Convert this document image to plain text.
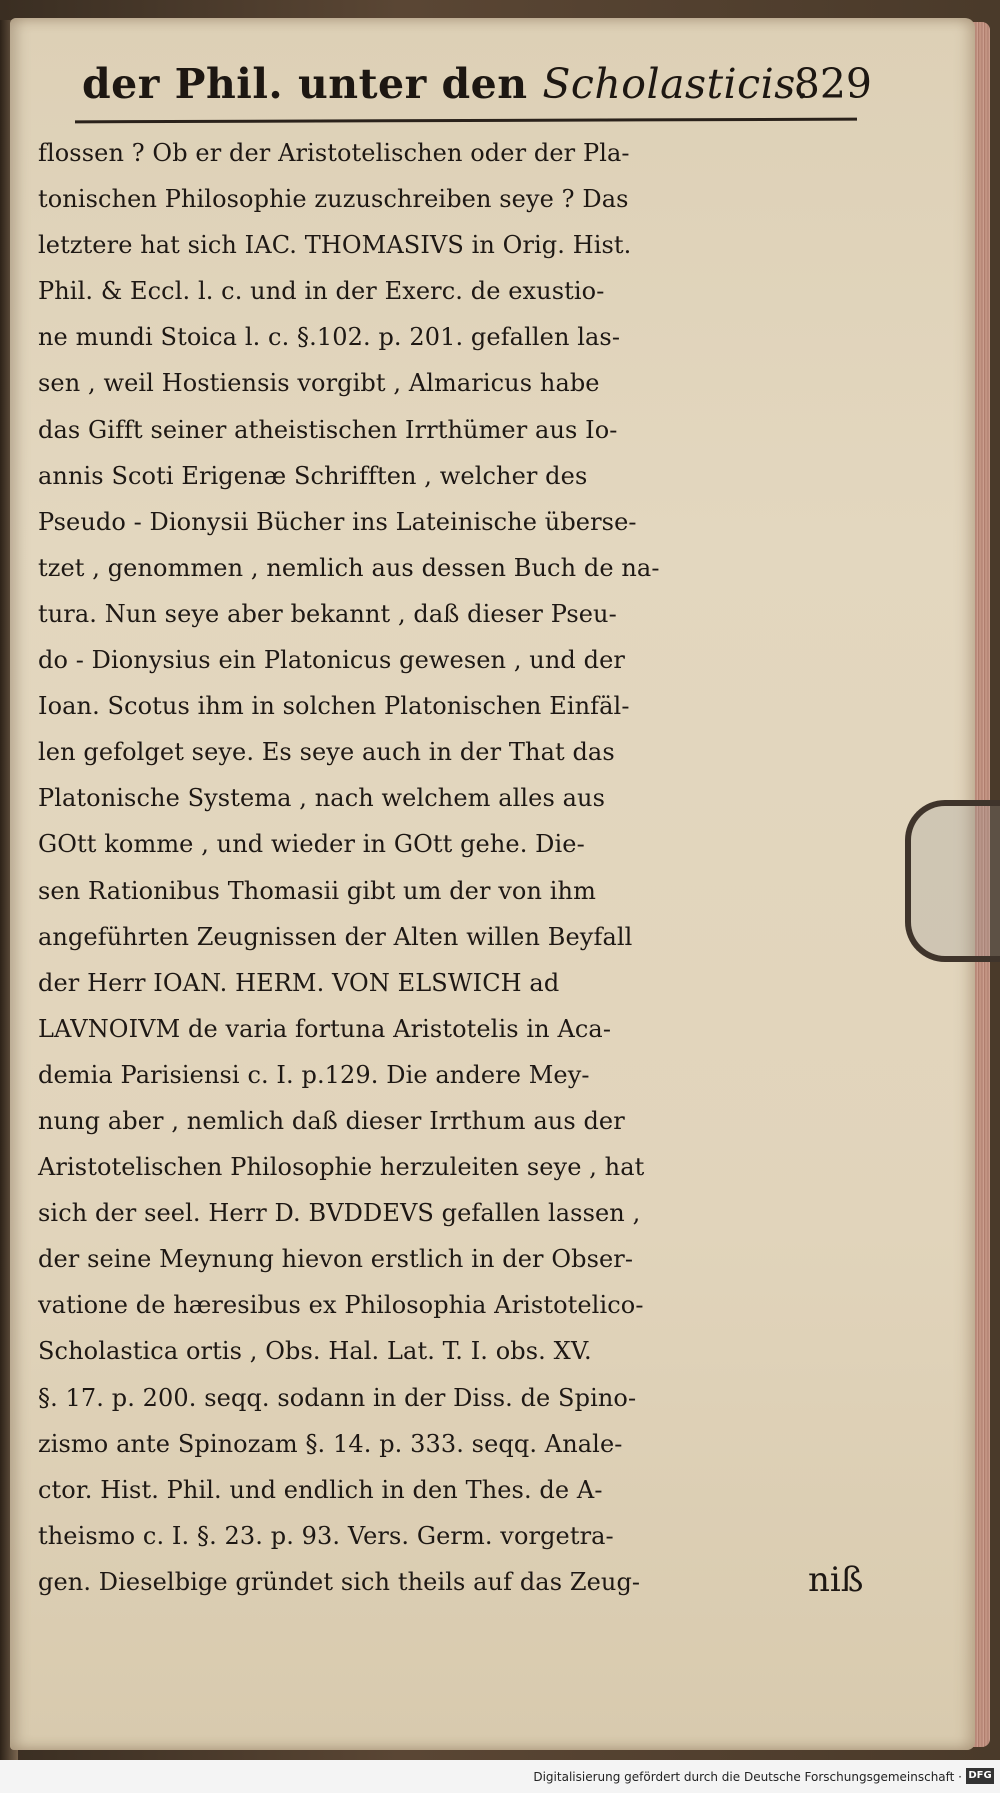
der Phil. unter den Scholasticis.
829
flossen ? Ob er der Aristotelischen oder der Pla-
tonischen Philosophie zuzuschreiben seye ? Das
letztere hat sich IAC. THOMASIVS in Orig. Hist.
Phil. & Eccl. l. c. und in der Exerc. de exustio-
ne mundi Stoica l. c. §.102. p. 201. gefallen las-
sen , weil Hostiensis vorgibt , Almaricus habe
das Gifft seiner atheistischen Irrthümer aus Io-
annis Scoti Erigenæ Schrifften , welcher des
Pseudo - Dionysii Bücher ins Lateinische überse-
tzet , genommen , nemlich aus dessen Buch de na-
tura. Nun seye aber bekannt , daß dieser Pseu-
do - Dionysius ein Platonicus gewesen , und der
Ioan. Scotus ihm in solchen Platonischen Einfäl-
len gefolget seye. Es seye auch in der That das
Platonische Systema , nach welchem alles aus
GOtt komme , und wieder in GOtt gehe. Die-
sen Rationibus Thomasii gibt um der von ihm
angeführten Zeugnissen der Alten willen Beyfall
der Herr IOAN. HERM. VON ELSWICH ad
LAVNOIVM de varia fortuna Aristotelis in Aca-
demia Parisiensi c. I. p.129. Die andere Mey-
nung aber , nemlich daß dieser Irrthum aus der
Aristotelischen Philosophie herzuleiten seye , hat
sich der seel. Herr D. BVDDEVS gefallen lassen ,
der seine Meynung hievon erstlich in der Obser-
vatione de hæresibus ex Philosophia Aristotelico-
Scholastica ortis , Obs. Hal. Lat. T. I. obs. XV.
§. 17. p. 200. seqq. sodann in der Diss. de Spino-
zismo ante Spinozam §. 14. p. 333. seqq. Anale-
ctor. Hist. Phil. und endlich in den Thes. de A-
theismo c. I. §. 23. p. 93. Vers. Germ. vorgetra-
gen. Dieselbige gründet sich theils auf das Zeug-	niß
Digitalisierung gefördert durch die Deutsche Forschungsgemeinschaft · DFG
